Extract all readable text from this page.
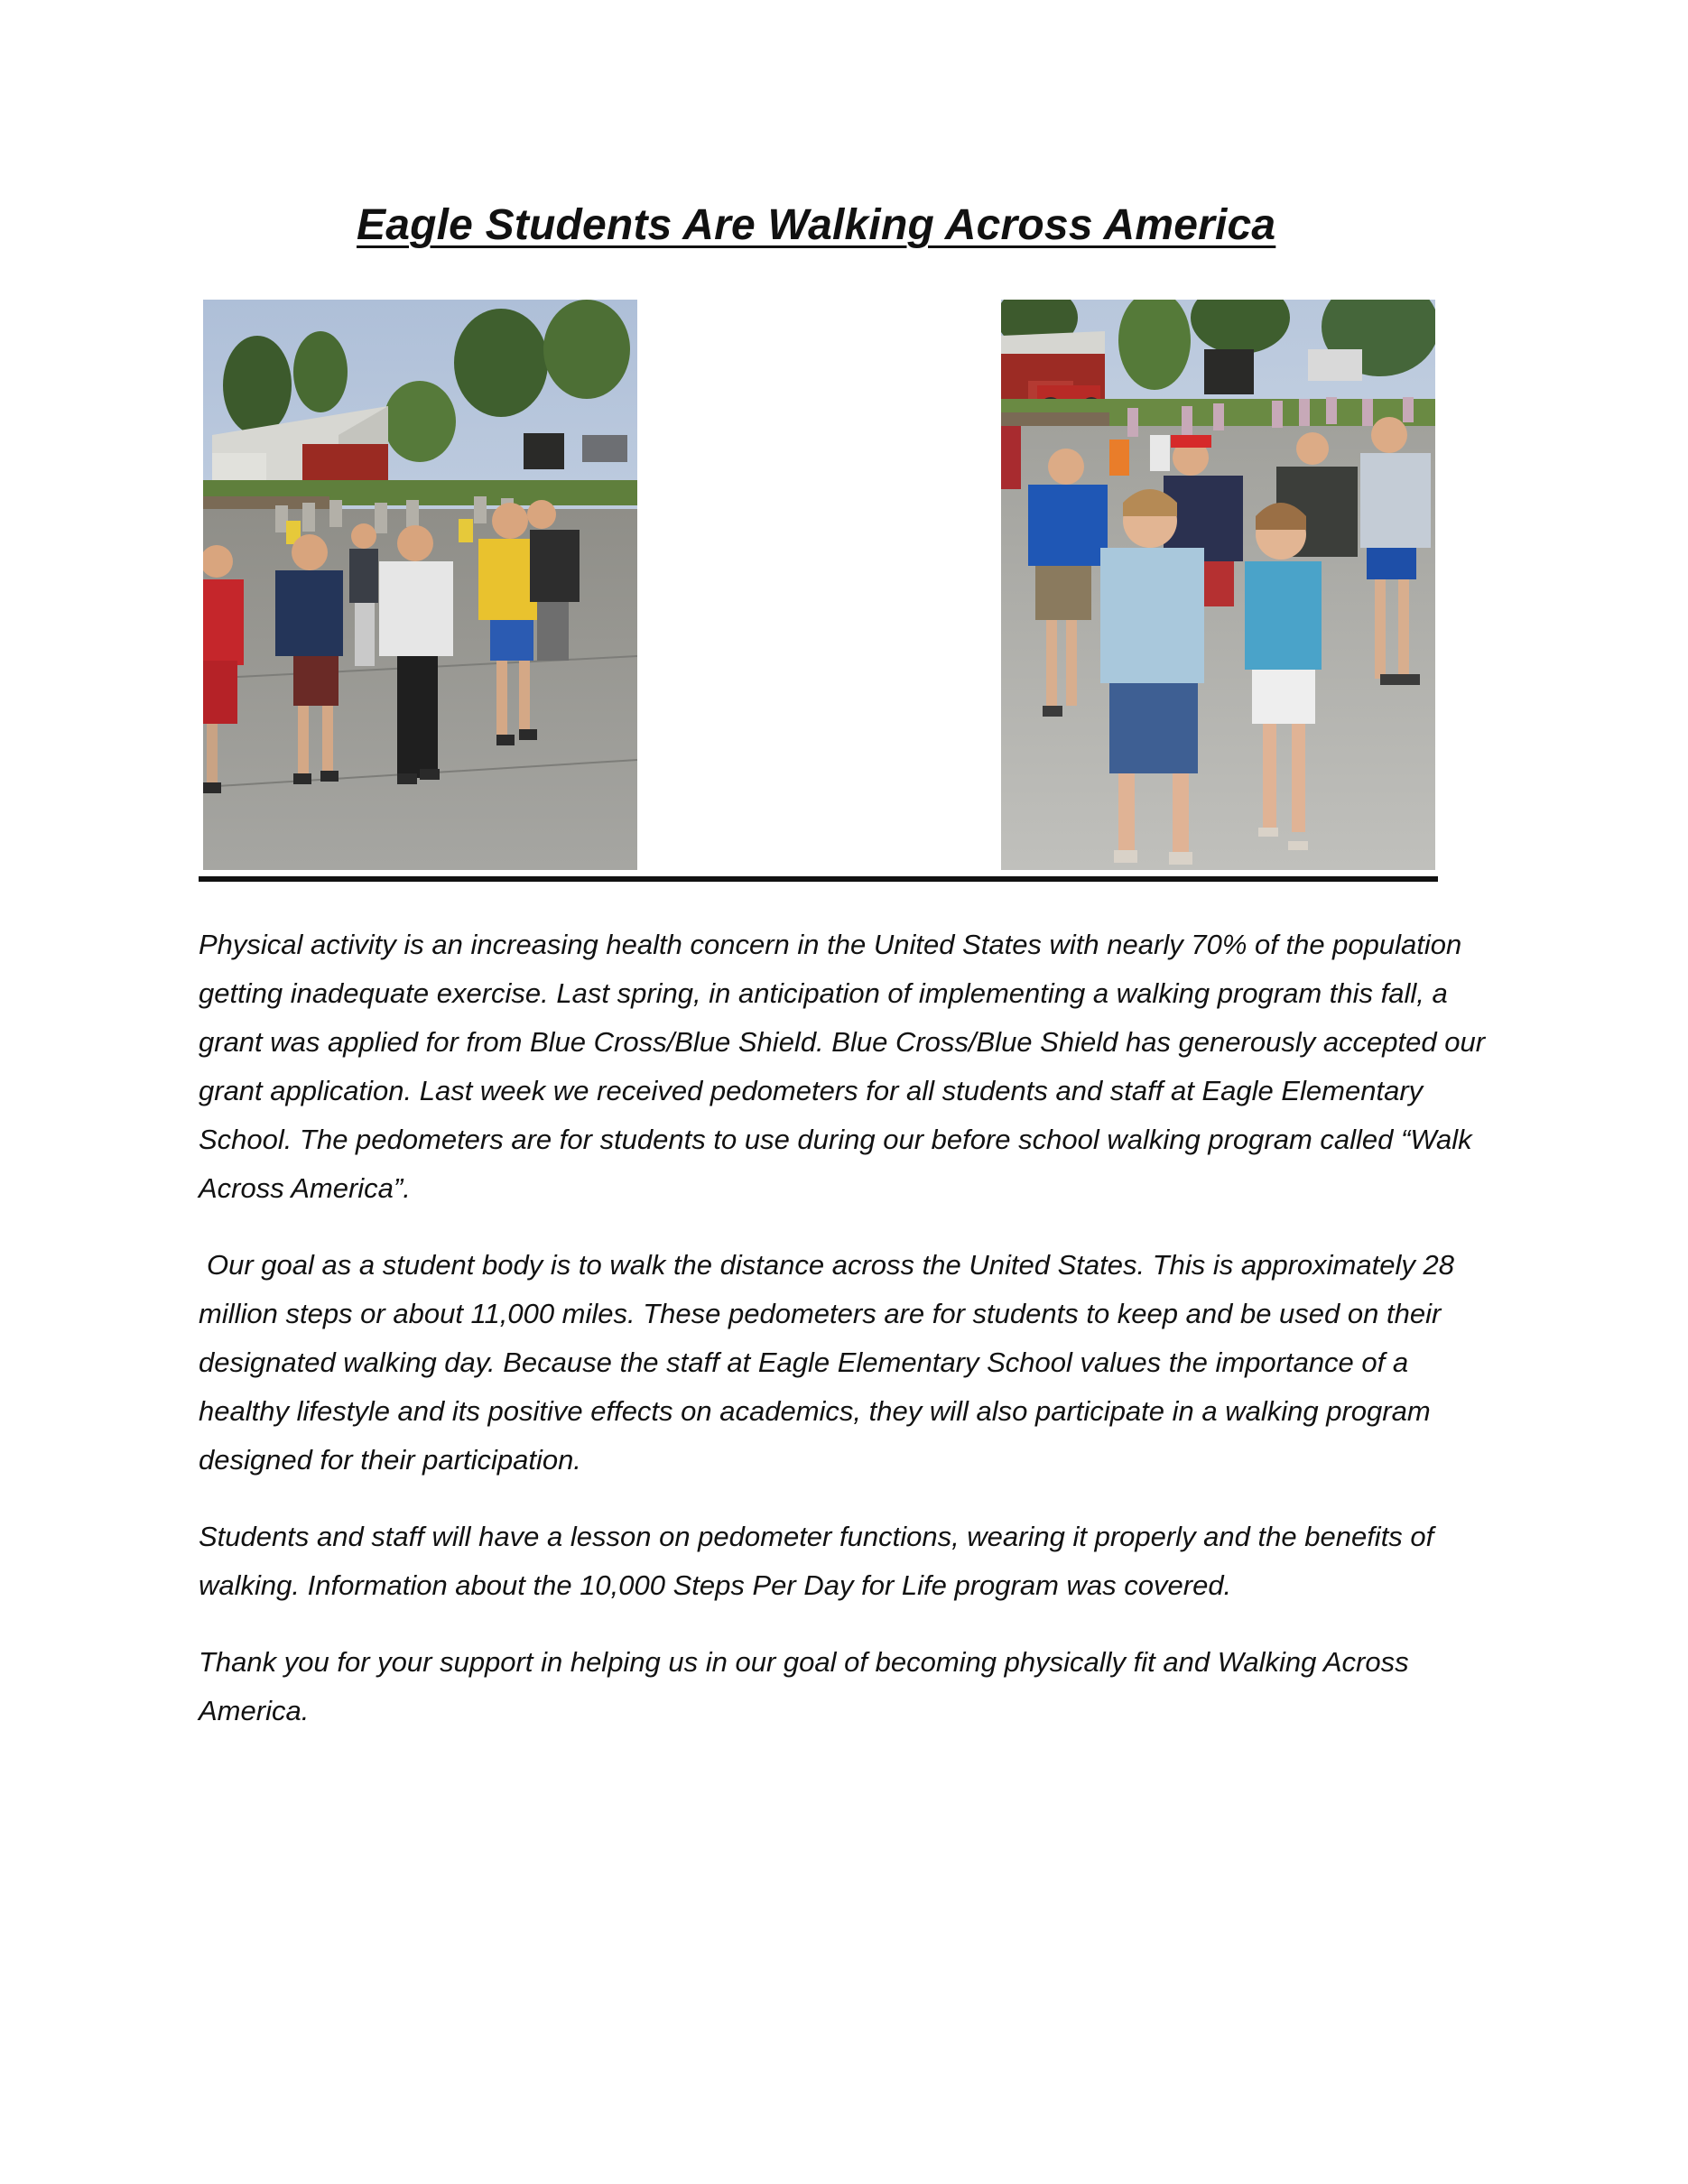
Eagle Students Are Walking Across America

Physical activity is an increasing health concern in the United States with nearly 70% of the population getting inadequate exercise. Last spring, in anticipation of implementing a walking program this fall, a grant was applied for from Blue Cross/Blue Shield. Blue Cross/Blue Shield has generously accepted our grant application. Last week we received pedometers for all students and staff at Eagle Elementary School. The pedometers are for students to use during our before school walking program called “Walk Across America”.

Our goal as a student body is to walk the distance across the United States. This is approximately 28 million steps or about 11,000 miles. These pedometers are for students to keep and be used on their designated walking day. Because the staff at Eagle Elementary School values the importance of a healthy lifestyle and its positive effects on academics, they will also participate in a walking program designed for their participation.

Students and staff will have a lesson on pedometer functions, wearing it properly and the benefits of walking. Information about the 10,000 Steps Per Day for Life program was covered.

Thank you for your support in helping us in our goal of becoming physically fit and Walking Across America.
